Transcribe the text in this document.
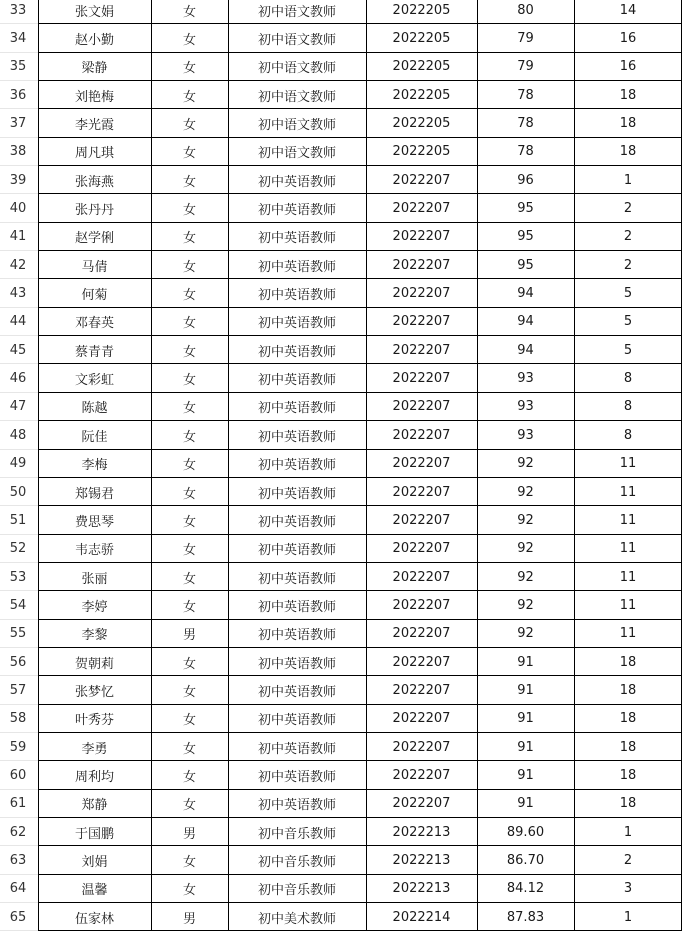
33	张文娟	女	初中语文教师	2022205	80	14
34	赵小勤	女	初中语文教师	2022205	79	16
35	梁静	女	初中语文教师	2022205	79	16
36	刘艳梅	女	初中语文教师	2022205	78	18
37	李光霞	女	初中语文教师	2022205	78	18
38	周凡琪	女	初中语文教师	2022205	78	18
39	张海燕	女	初中英语教师	2022207	96	1
40	张丹丹	女	初中英语教师	2022207	95	2
41	赵学俐	女	初中英语教师	2022207	95	2
42	马倩	女	初中英语教师	2022207	95	2
43	何菊	女	初中英语教师	2022207	94	5
44	邓春英	女	初中英语教师	2022207	94	5
45	蔡青青	女	初中英语教师	2022207	94	5
46	文彩虹	女	初中英语教师	2022207	93	8
47	陈越	女	初中英语教师	2022207	93	8
48	阮佳	女	初中英语教师	2022207	93	8
49	李梅	女	初中英语教师	2022207	92	11
50	郑锡君	女	初中英语教师	2022207	92	11
51	费思琴	女	初中英语教师	2022207	92	11
52	韦志骄	女	初中英语教师	2022207	92	11
53	张丽	女	初中英语教师	2022207	92	11
54	李婷	女	初中英语教师	2022207	92	11
55	李黎	男	初中英语教师	2022207	92	11
56	贺朝莉	女	初中英语教师	2022207	91	18
57	张梦忆	女	初中英语教师	2022207	91	18
58	叶秀芬	女	初中英语教师	2022207	91	18
59	李勇	女	初中英语教师	2022207	91	18
60	周利均	女	初中英语教师	2022207	91	18
61	郑静	女	初中英语教师	2022207	91	18
62	于国鹏	男	初中音乐教师	2022213	89.60	1
63	刘娟	女	初中音乐教师	2022213	86.70	2
64	温馨	女	初中音乐教师	2022213	84.12	3
65	伍家林	男	初中美术教师	2022214	87.83	1
